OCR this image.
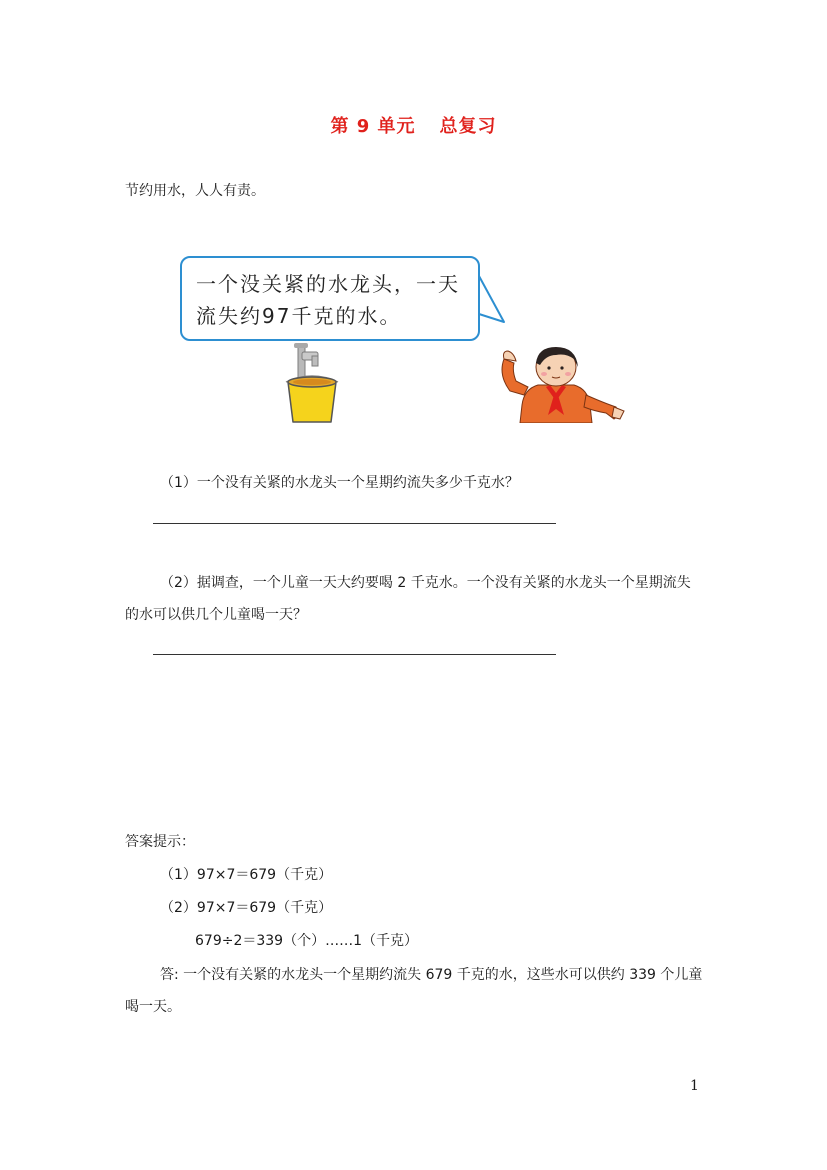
第 9 单元 总复习
节约用水，人人有责。
一个没关紧的水龙头，一天
流失约97千克的水。
（1）一个没有关紧的水龙头一个星期约流失多少千克水？
（2）据调查，一个儿童一天大约要喝 2 千克水。一个没有关紧的水龙头一个星期流失
的水可以供几个儿童喝一天？
答案提示：
（1）97×7＝679（千克）
（2）97×7＝679（千克）
679÷2＝339（个）……1（千克）
答: 一个没有关紧的水龙头一个星期约流失 679 千克的水，这些水可以供约 339 个儿童
喝一天。
1
